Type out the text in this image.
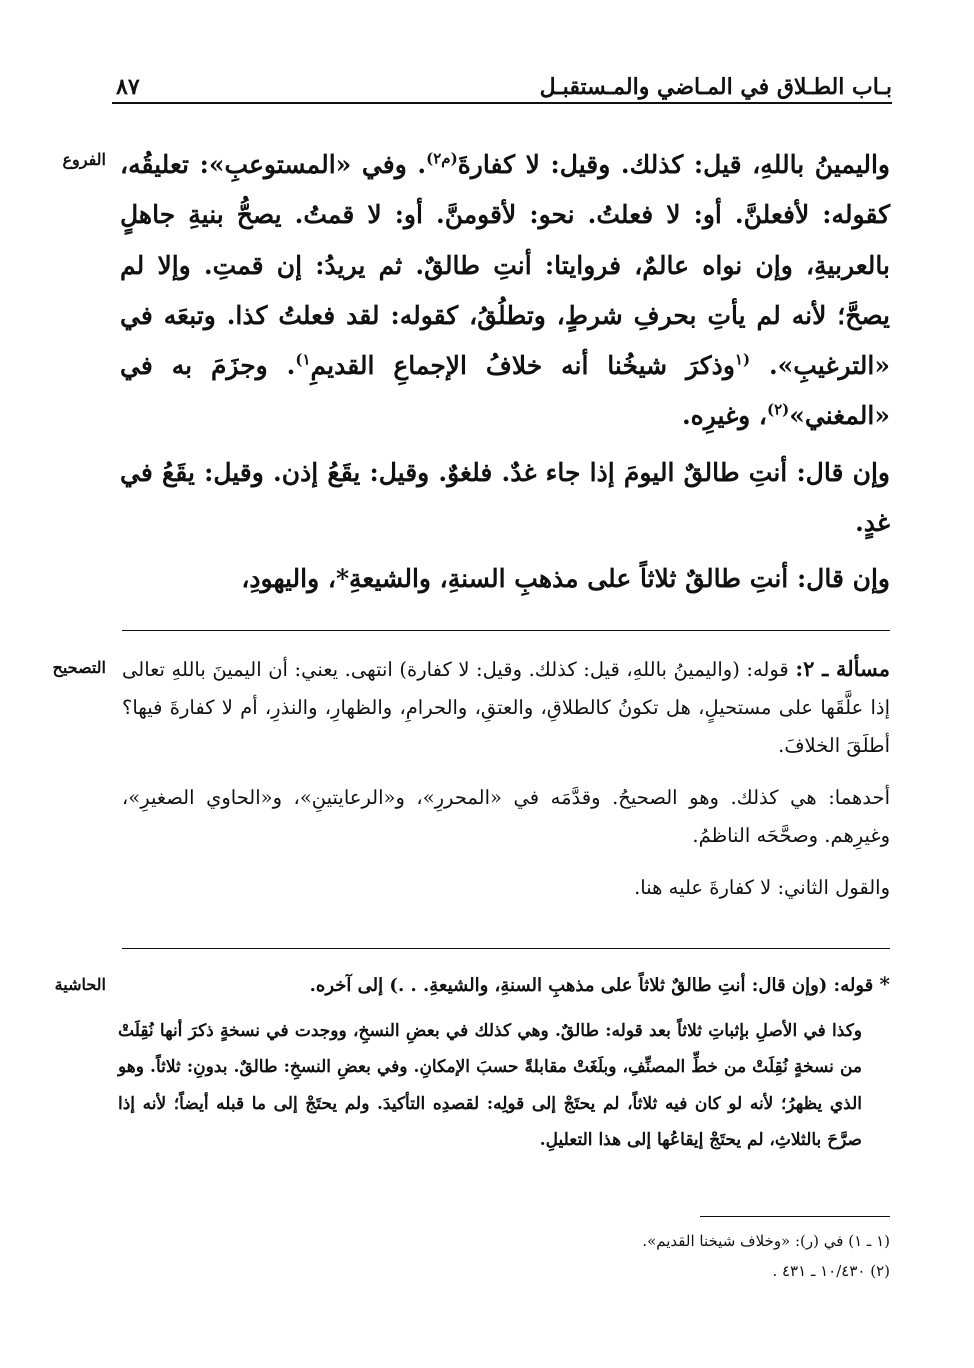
بـاب الطـلاق في المـاضي والمـستقبـل
٨٧
الفروع	واليمينُ باللهِ، قيل: كذلك. وقيل: لا كفارةَ$^{(م٢)}$. وفي «المستوعبِ»: تعليقُه، كقوله: لأفعلنَّ. أو: لا فعلتُ. نحو: لأقومنَّ. أو: لا قمتُ. يصحُّ بنيةِ جاهلٍ بالعربيةِ، وإن نواه عالمٌ، فروايتا: أنتِ طالقٌ. ثم يريدُ: إن قمتِ. وإلا لم يصحَّ؛ لأنه لم يأتِ بحرفِ شرطٍ، وتطلُقُ، كقوله: لقد فعلتُ كذا. وتبعَه في «الترغيبِ». $^{(١}$وذكرَ شيخُنا أنه خلافُ الإجماعِ القديمِ$^{١)}$. وجزَمَ به في «المغني»$^{(٢)}$، وغيرِه.

وإن قال: أنتِ طالقٌ اليومَ إذا جاء غدٌ. فلغوٌ. وقيل: يقَعُ إذن. وقيل: يقَعُ في غدٍ.

وإن قال: أنتِ طالقٌ ثلاثاً على مذهبِ السنةِ، والشيعةِ*، واليهودِ،

التصحيح	مسألة ـ ٢: قوله: (واليمينُ باللهِ، قيل: كذلك. وقيل: لا كفارة) انتهى. يعني: أن اليمينَ باللهِ تعالى إذا علَّقَها على مستحيلٍ، هل تكونُ كالطلاقِ، والعتقِ، والحرامِ، والظهارِ، والنذرِ، أم لا كفارةَ فيها؟ أطلَقَ الخلافَ.

أحدهما: هي كذلك. وهو الصحيحُ. وقدَّمَه في «المحررِ»، و«الرعايتينِ»، و«الحاوي الصغيرِ»، وغيرِهم. وصحَّحَه الناظمُ.

والقول الثاني: لا كفارةَ عليه هنا.

الحاشية	* قوله: (وإن قال: أنتِ طالقٌ ثلاثاً على مذهبِ السنةِ، والشيعةِ. . .) إلى آخره.

وكذا في الأصلِ بإثباتِ ثلاثاً بعد قوله: طالقٌ. وهي كذلك في بعضِ النسخِ، ووجدت في نسخةٍ ذكرَ أنها نُقِلَتْ من نسخةٍ نُقِلَتْ من خطِّ المصنِّفِ، وبلَغَتْ مقابلةً حسبَ الإمكانِ. وفي بعضِ النسخِ: طالقٌ. بدونِ: ثلاثاً. وهو الذي يظهرُ؛ لأنه لو كان فيه ثلاثاً، لم يحتَجْ إلى قولِه: لقصدِه التأكيدَ. ولم يحتَجْ إلى ما قبله أيضاً؛ لأنه إذا صرَّحَ بالثلاثِ، لم يحتَجْ إيقاعُها إلى هذا التعليلِ.

(١ ـ ١) في (ر): «وخلاف شيخنا القديم».

(٢) ١٠/٤٣٠ ـ ٤٣١ .
